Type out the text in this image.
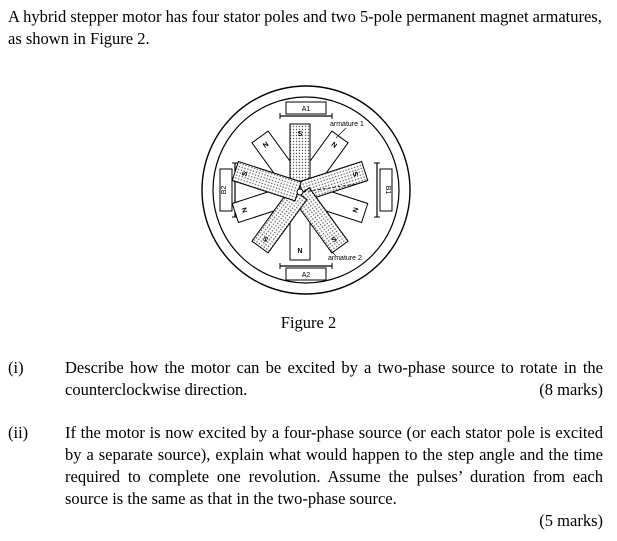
A hybrid stepper motor has four stator poles and two 5-pole permanent magnet armatures, as shown in Figure 2.
N
N
N
N
N
S
S
S
S
S
A1
A2
B1
B2
armature 1
armature 2
Figure 2
(i)	Describe how the motor can be excited by a two-phase source to rotate in the counterclockwise direction.	(8 marks)
(ii) If the motor is now excited by a four-phase source (or each stator pole is excited by a separate source), explain what would happen to the step angle and the time required to complete one revolution. Assume the pulses’ duration from each source is the same as that in the two-phase source.
(5 marks)
